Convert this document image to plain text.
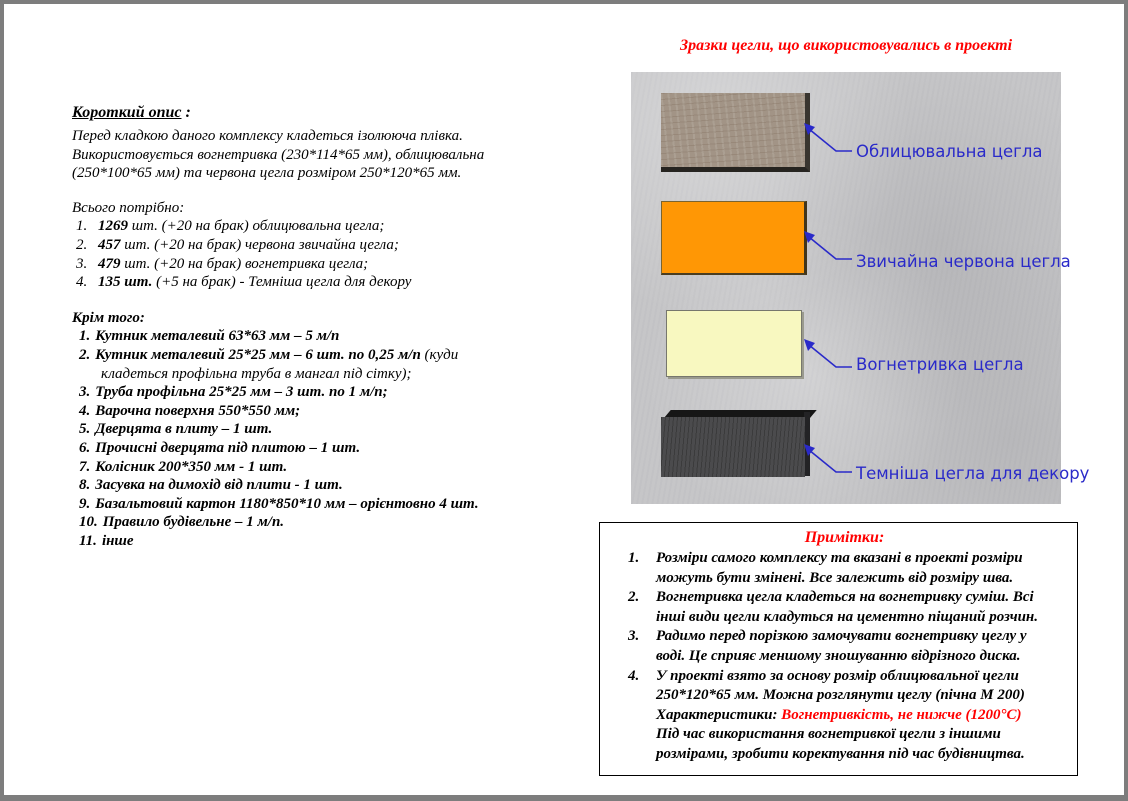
Короткий опис :
Перед кладкою даного комплексу кладеться ізолююча плівка.
Використовується вогнетривка (230*114*65 мм), облицювальна
(250*100*65 мм) та червона цегла розміром 250*120*65 мм.
Всього потрібно:
1. 1269 шт. (+20 на брак) облицювальна цегла;
2. 457 шт. (+20 на брак) червона звичайна цегла;
3. 479 шт. (+20 на брак) вогнетривка цегла;
4. 135 шт. (+5 на брак) - Темніша цегла для декору
Крім того:
1. Кутник металевий 63*63 мм – 5 м/п
2. Кутник металевий 25*25 мм – 6 шт. по 0,25 м/п (куди
кладеться профільна труба в мангал під сітку);
3. Труба профільна 25*25 мм – 3 шт. по 1 м/п;
4. Варочна поверхня 550*550 мм;
5. Дверцята в плиту – 1 шт.
6. Прочисні дверцята під плитою – 1 шт.
7. Колісник 200*350 мм - 1 шт.
8. Засувка на димохід від плити - 1 шт.
9. Базальтовий картон 1180*850*10 мм – орієнтовно 4 шт.
10. Правило будівельне – 1 м/п.
11. інше
Зразки цегли, що використовувались в проекті
Облицювальна цегла
Звичайна червона цегла
Вогнетривка цегла
Темніша цегла для декору
Примітки:
1.	Розміри самого комплексу та вказані в проекті розміри
можуть бути змінені. Все залежить від розміру шва.
2.	Вогнетривка цегла кладеться на вогнетривку суміш. Всі
інші види цегли кладуться на цементно піщаний розчин.
3.	Радимо перед порізкою замочувати вогнетривку цеглу у
воді. Це сприяє меншому зношуванню відрізного диска.
4.	У проекті взято за основу розмір облицювальної цегли
250*120*65 мм. Можна розглянути цеглу (пічна М 200)
Характеристики: Вогнетривкість, не нижче (1200°С)
Під час використання вогнетривкої цегли з іншими
розмірами, зробити коректування під час будівництва.
